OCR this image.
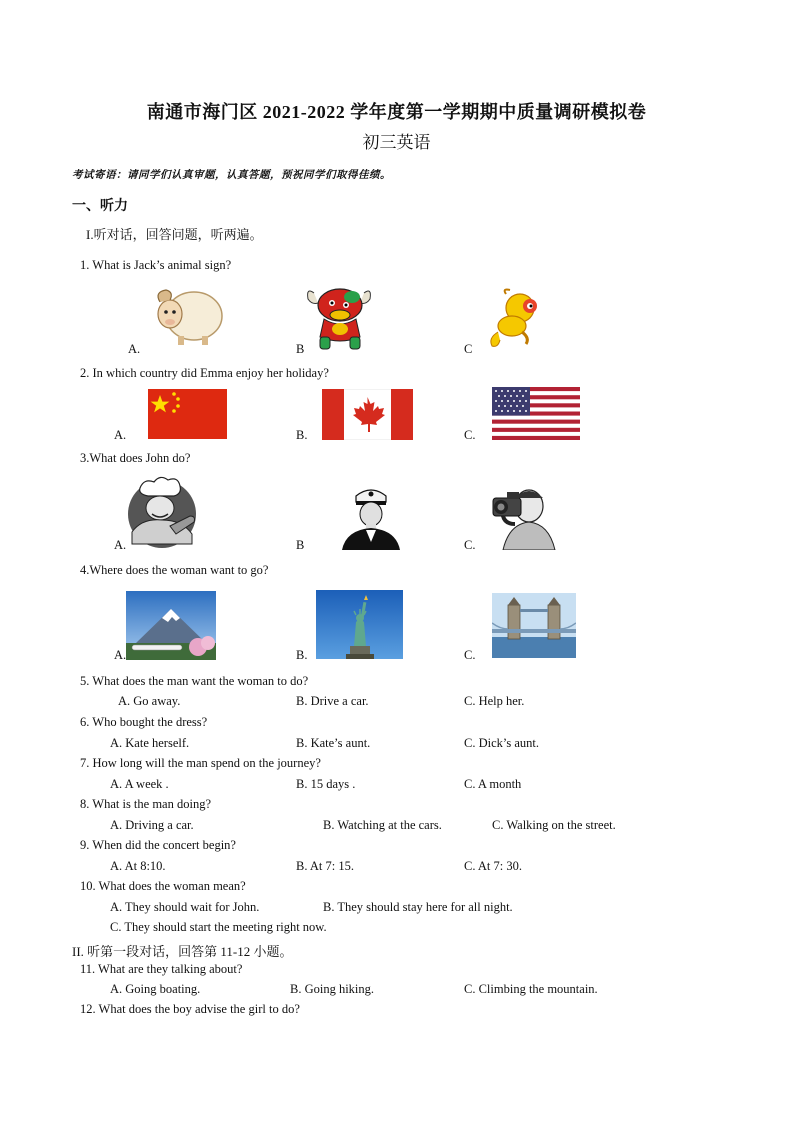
南通市海门区 2021-2022 学年度第一学期期中质量调研模拟卷
初三英语
考试寄语：请同学们认真审题，认真答题，预祝同学们取得佳绩。
一、听力
I.听对话，回答问题，听两遍。
1. What is Jack’s animal sign?
A.	B	C
2. In which country did Emma enjoy her holiday?
A.	B.	C.
3.What does John do?
A.	B	C.
4.Where does the woman want to go?
A.	B.	C.
5. What does the man want the woman to do?
A. Go away.	B. Drive a car.	C. Help her.
6. Who bought the dress?
A. Kate herself.	B. Kate’s aunt.	C. Dick’s aunt.
7. How long will the man spend on the journey?
A. A week .	B. 15 days .	C. A month
8. What is the man doing?
A. Driving a car.	B. Watching at the cars.	C. Walking on the street.
9. When did the concert begin?
A. At 8:10.	B. At 7: 15.	C. At 7: 30.
10. What does the woman mean?
A. They should wait for John.	B. They should stay here for all night.
C. They should start the meeting right now.
II. 听第一段对话，回答第 11-12 小题。
11. What are they talking about?
A. Going boating.	B. Going hiking.	C. Climbing the mountain.
12. What does the boy advise the girl to do?
